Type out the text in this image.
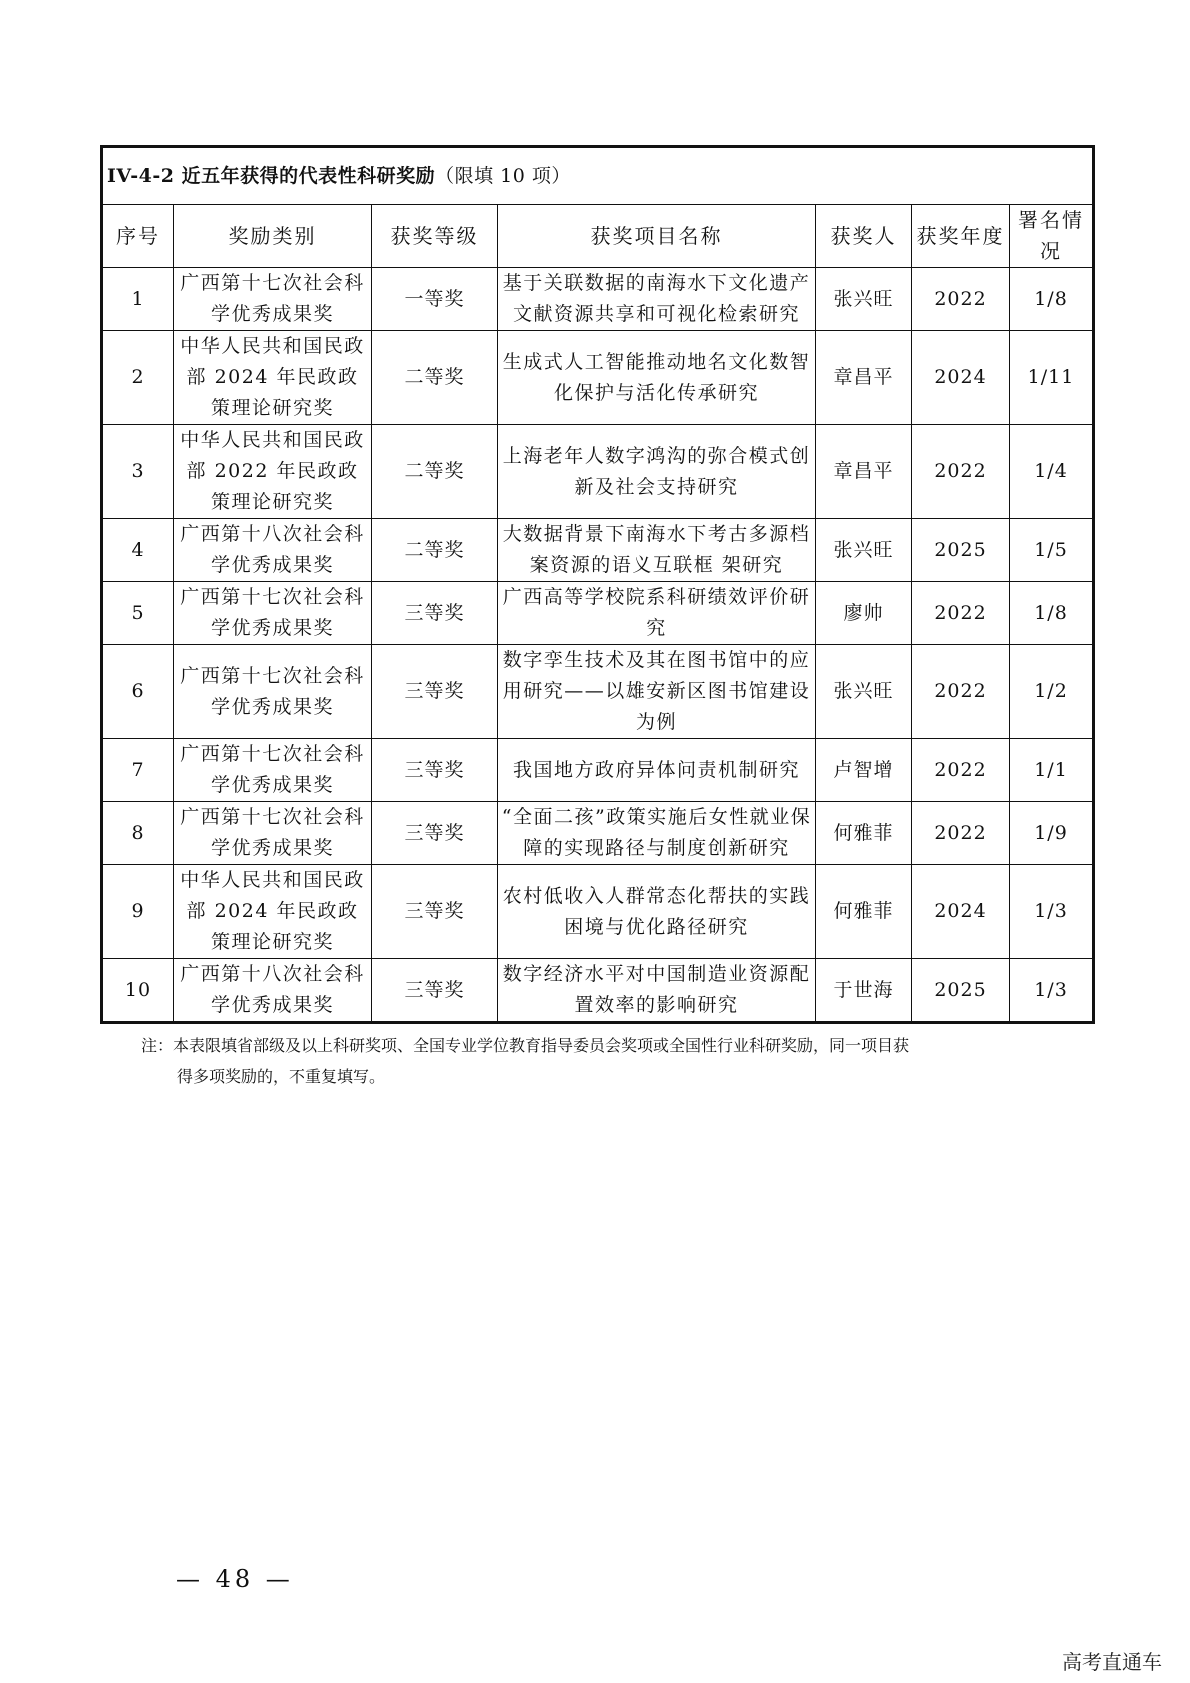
IV-4-2 近五年获得的代表性科研奖励（限填 10 项）						
序号	奖励类别	获奖等级	获奖项目名称	获奖人	获奖年度	署名情况
1	广西第十七次社会科学优秀成果奖	一等奖	基于关联数据的南海水下文化遗产文献资源共享和可视化检索研究	张兴旺	2022	1/8
2	中华人民共和国民政部 2024 年民政政策理论研究奖	二等奖	生成式人工智能推动地名文化数智化保护与活化传承研究	章昌平	2024	1/11
3	中华人民共和国民政部 2022 年民政政策理论研究奖	二等奖	上海老年人数字鸿沟的弥合模式创新及社会支持研究	章昌平	2022	1/4
4	广西第十八次社会科学优秀成果奖	二等奖	大数据背景下南海水下考古多源档案资源的语义互联框 架研究	张兴旺	2025	1/5
5	广西第十七次社会科学优秀成果奖	三等奖	广西高等学校院系科研绩效评价研究	廖帅	2022	1/8
6	广西第十七次社会科学优秀成果奖	三等奖	数字孪生技术及其在图书馆中的应用研究——以雄安新区图书馆建设为例	张兴旺	2022	1/2
7	广西第十七次社会科学优秀成果奖	三等奖	我国地方政府异体问责机制研究	卢智增	2022	1/1
8	广西第十七次社会科学优秀成果奖	三等奖	“全面二孩”政策实施后女性就业保障的实现路径与制度创新研究	何雅菲	2022	1/9
9	中华人民共和国民政部 2024 年民政政策理论研究奖	三等奖	农村低收入人群常态化帮扶的实践困境与优化路径研究	何雅菲	2024	1/3
10	广西第十八次社会科学优秀成果奖	三等奖	数字经济水平对中国制造业资源配置效率的影响研究	于世海	2025	1/3
注：本表限填省部级及以上科研奖项、全国专业学位教育指导委员会奖项或全国性行业科研奖励，同一项目获
得多项奖励的，不重复填写。
— 48 —
高考直通车
